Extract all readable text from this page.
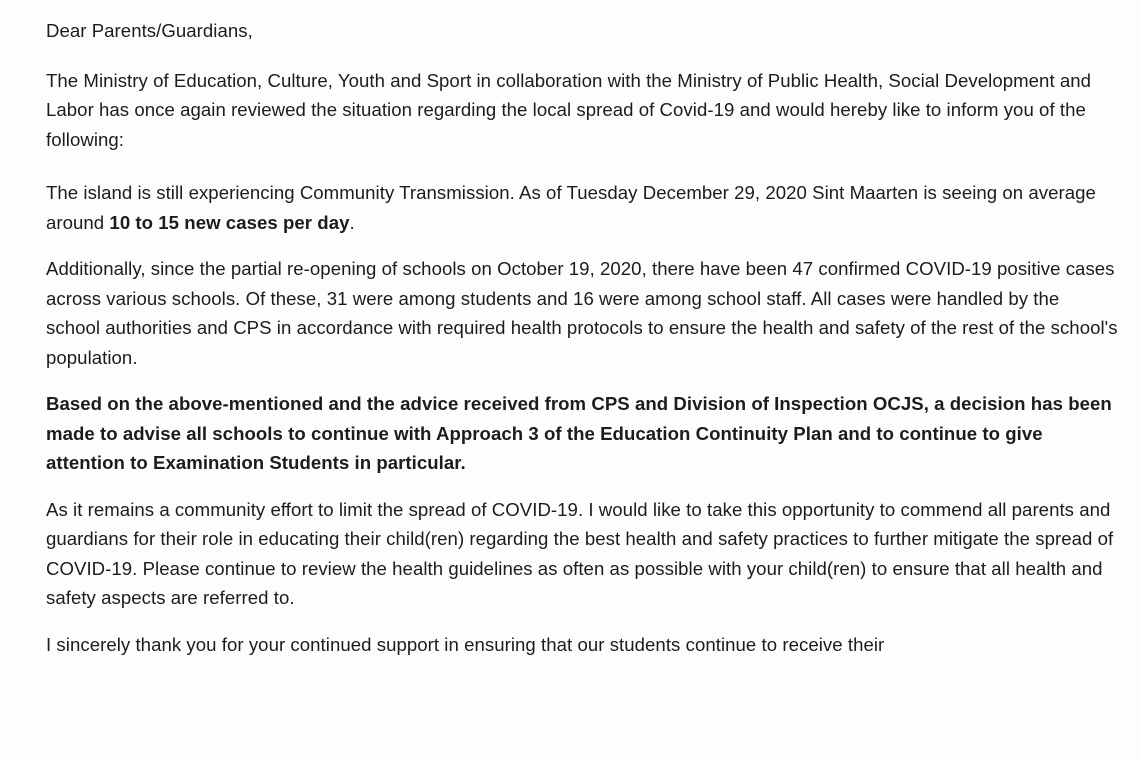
Dear Parents/Guardians,

The Ministry of Education, Culture, Youth and Sport in collaboration with the Ministry of Public Health, Social Development and Labor has once again reviewed the situation regarding the local spread of Covid-19 and would hereby like to inform you of the following:

The island is still experiencing Community Transmission. As of Tuesday December 29, 2020 Sint Maarten is seeing on average around 10 to 15 new cases per day.

Additionally, since the partial re-opening of schools on October 19, 2020, there have been 47 confirmed COVID-19 positive cases across various schools. Of these, 31 were among students and 16 were among school staff. All cases were handled by the school authorities and CPS in accordance with required health protocols to ensure the health and safety of the rest of the school's population.

Based on the above-mentioned and the advice received from CPS and Division of Inspection OCJS, a decision has been made to advise all schools to continue with Approach 3 of the Education Continuity Plan and to continue to give attention to Examination Students in particular.

As it remains a community effort to limit the spread of COVID-19. I would like to take this opportunity to commend all parents and guardians for their role in educating their child(ren) regarding the best health and safety practices to further mitigate the spread of COVID-19. Please continue to review the health guidelines as often as possible with your child(ren) to ensure that all health and safety aspects are referred to.

I sincerely thank you for your continued support in ensuring that our students continue to receive their
